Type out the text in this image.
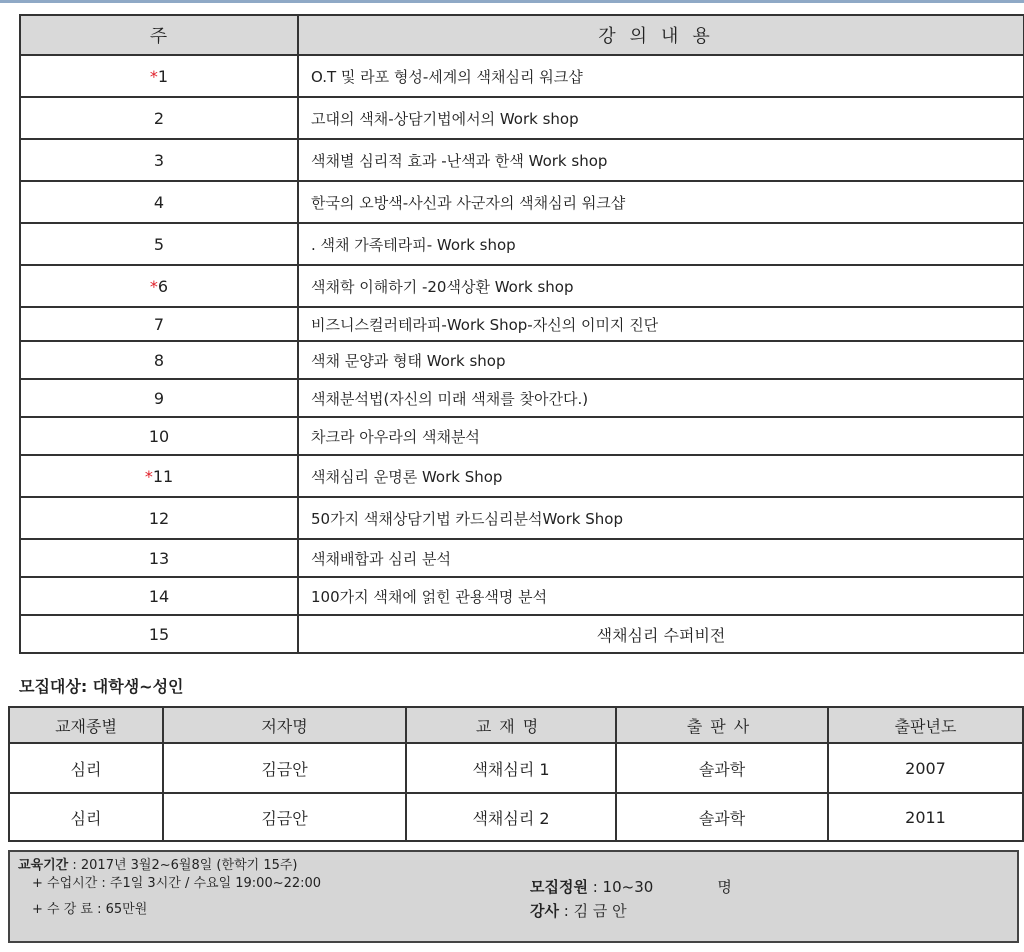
주	강의내용
*1	O.T 및 라포 형성-세계의 색채심리 워크샵
2	고대의 색채-상담기법에서의 Work shop
3	색채별 심리적 효과 -난색과 한색 Work shop
4	한국의 오방색-사신과 사군자의 색채심리 워크샵
5	. 색채 가족테라피- Work shop
*6	색채학 이해하기 -20색상환 Work shop
7	비즈니스컬러테라피-Work Shop-자신의 이미지 진단
8	색채 문양과 형태 Work shop
9	색채분석법(자신의 미래 색채를 찾아간다.)
10	차크라 아우라의 색채분석
*11	색채심리 운명론 Work Shop
12	50가지 색채상담기법 카드심리분석Work Shop
13	색채배합과 심리 분석
14	100가지 색채에 얽힌 관용색명 분석
15	색채심리 수퍼비전

모집대상: 대학생~성인

교재종별	저자명	교재명	출판사	출판년도
심리	김금안	색채심리 1	솔과학	2007
심리	김금안	색채심리 2	솔과학	2011
교육기간 : 2017년 3월2~6월8일 (한학기 15주)
+ 수업시간 : 주1일 3시간 / 수요일 19:00~22:00
+ 수 강 료 : 65만원
모집정원 : 10~30	명
강사 : 김 금 안
